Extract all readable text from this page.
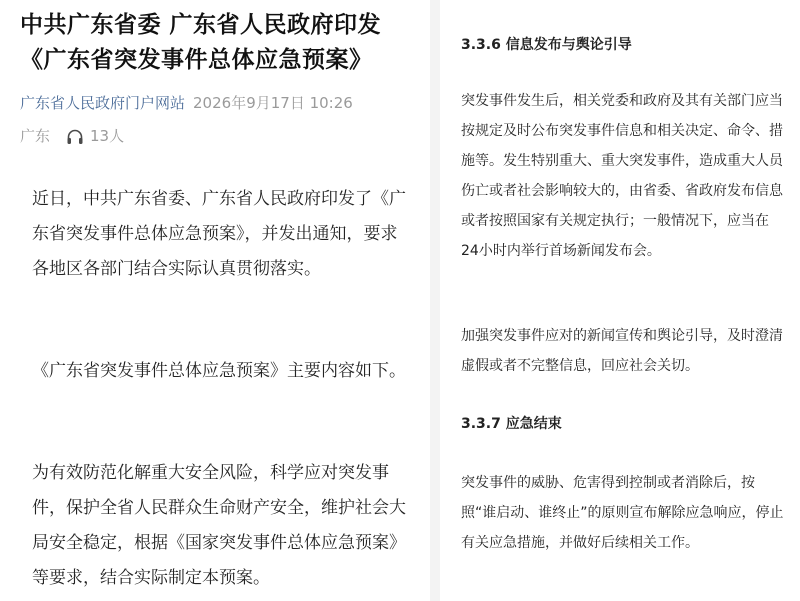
中共广东省委 广东省人民政府印发《广东省突发事件总体应急预案》
广东省人民政府门户网站 2026年9月17日 10:26
广东	13人

近日，中共广东省委、广东省人民政府印发了《广东省突发事件总体应急预案》，并发出通知，要求各地区各部门结合实际认真贯彻落实。

《广东省突发事件总体应急预案》主要内容如下。

为有效防范化解重大安全风险，科学应对突发事件，保护全省人民群众生命财产安全，维护社会大局安全稳定，根据《国家突发事件总体应急预案》等要求，结合实际制定本预案。

3.3.6 信息发布与舆论引导

突发事件发生后，相关党委和政府及其有关部门应当按规定及时公布突发事件信息和相关决定、命令、措施等。发生特别重大、重大突发事件，造成重大人员伤亡或者社会影响较大的，由省委、省政府发布信息或者按照国家有关规定执行；一般情况下，应当在24小时内举行首场新闻发布会。

加强突发事件应对的新闻宣传和舆论引导，及时澄清虚假或者不完整信息，回应社会关切。

3.3.7 应急结束

突发事件的威胁、危害得到控制或者消除后，按照“谁启动、谁终止”的原则宣布解除应急响应，停止有关应急措施，并做好后续相关工作。
